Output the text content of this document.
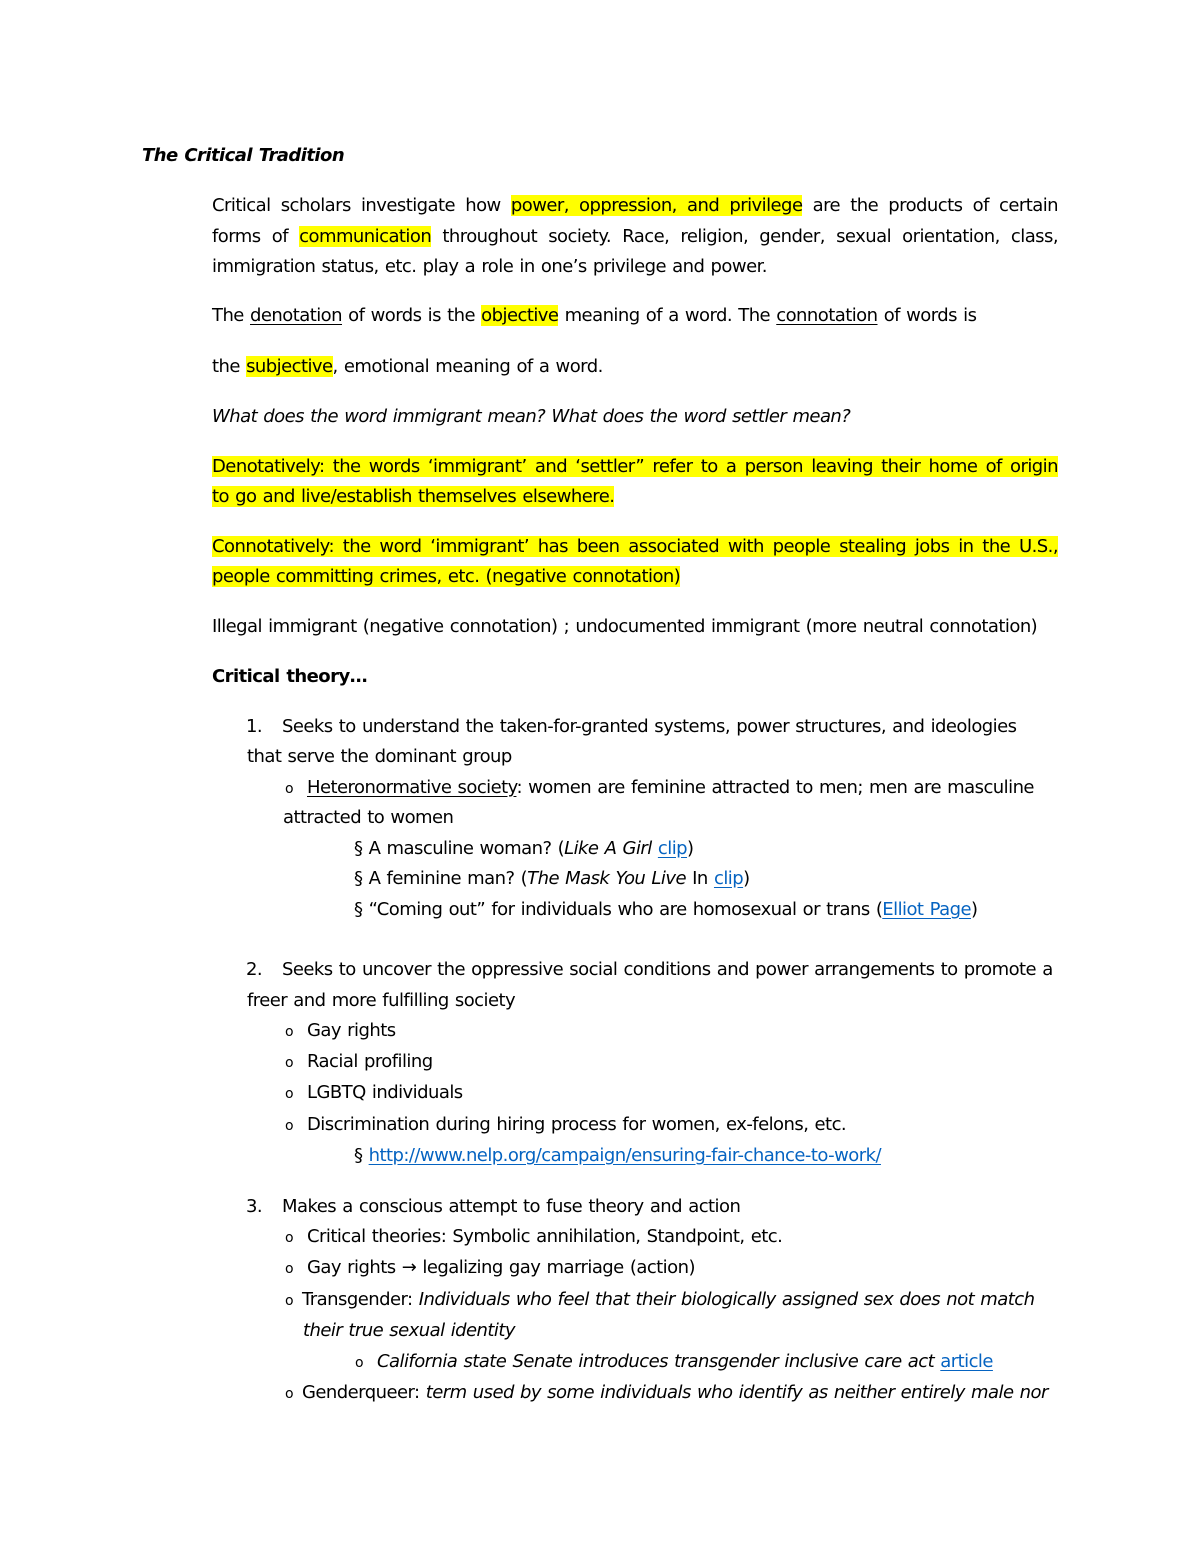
The Critical Tradition
Critical scholars investigate how power, oppression, and privilege are the products of certain
forms of communication throughout society. Race, religion, gender, sexual orientation, class,
immigration status, etc. play a role in one’s privilege and power.
The denotation of words is the objective meaning of a word. The connotation of words is
the subjective, emotional meaning of a word.
What does the word immigrant mean? What does the word settler mean?
Denotatively: the words ‘immigrant’ and ‘settler” refer to a person leaving their home of origin
to go and live/establish themselves elsewhere.
Connotatively: the word ‘immigrant’ has been associated with people stealing jobs in the U.S.,
people committing crimes, etc. (negative connotation)
Illegal immigrant (negative connotation) ; undocumented immigrant (more neutral connotation)
Critical theory…
1. Seeks to understand the taken-for-granted systems, power structures, and ideologies
that serve the dominant group
o Heteronormative society: women are feminine attracted to men; men are masculine
attracted to women
§ A masculine woman? (Like A Girl clip)
§ A feminine man? (The Mask You Live In clip)
§ “Coming out” for individuals who are homosexual or trans (Elliot Page)
2. Seeks to uncover the oppressive social conditions and power arrangements to promote a
freer and more fulfilling society
o Gay rights
o Racial profiling
o LGBTQ individuals
o Discrimination during hiring process for women, ex-felons, etc.
§ http://www.nelp.org/campaign/ensuring-fair-chance-to-work/
3. Makes a conscious attempt to fuse theory and action
o Critical theories: Symbolic annihilation, Standpoint, etc.
o Gay rights → legalizing gay marriage (action)
o Transgender: Individuals who feel that their biologically assigned sex does not match
their true sexual identity
o California state Senate introduces transgender inclusive care act article
o Genderqueer: term used by some individuals who identify as neither entirely male nor
